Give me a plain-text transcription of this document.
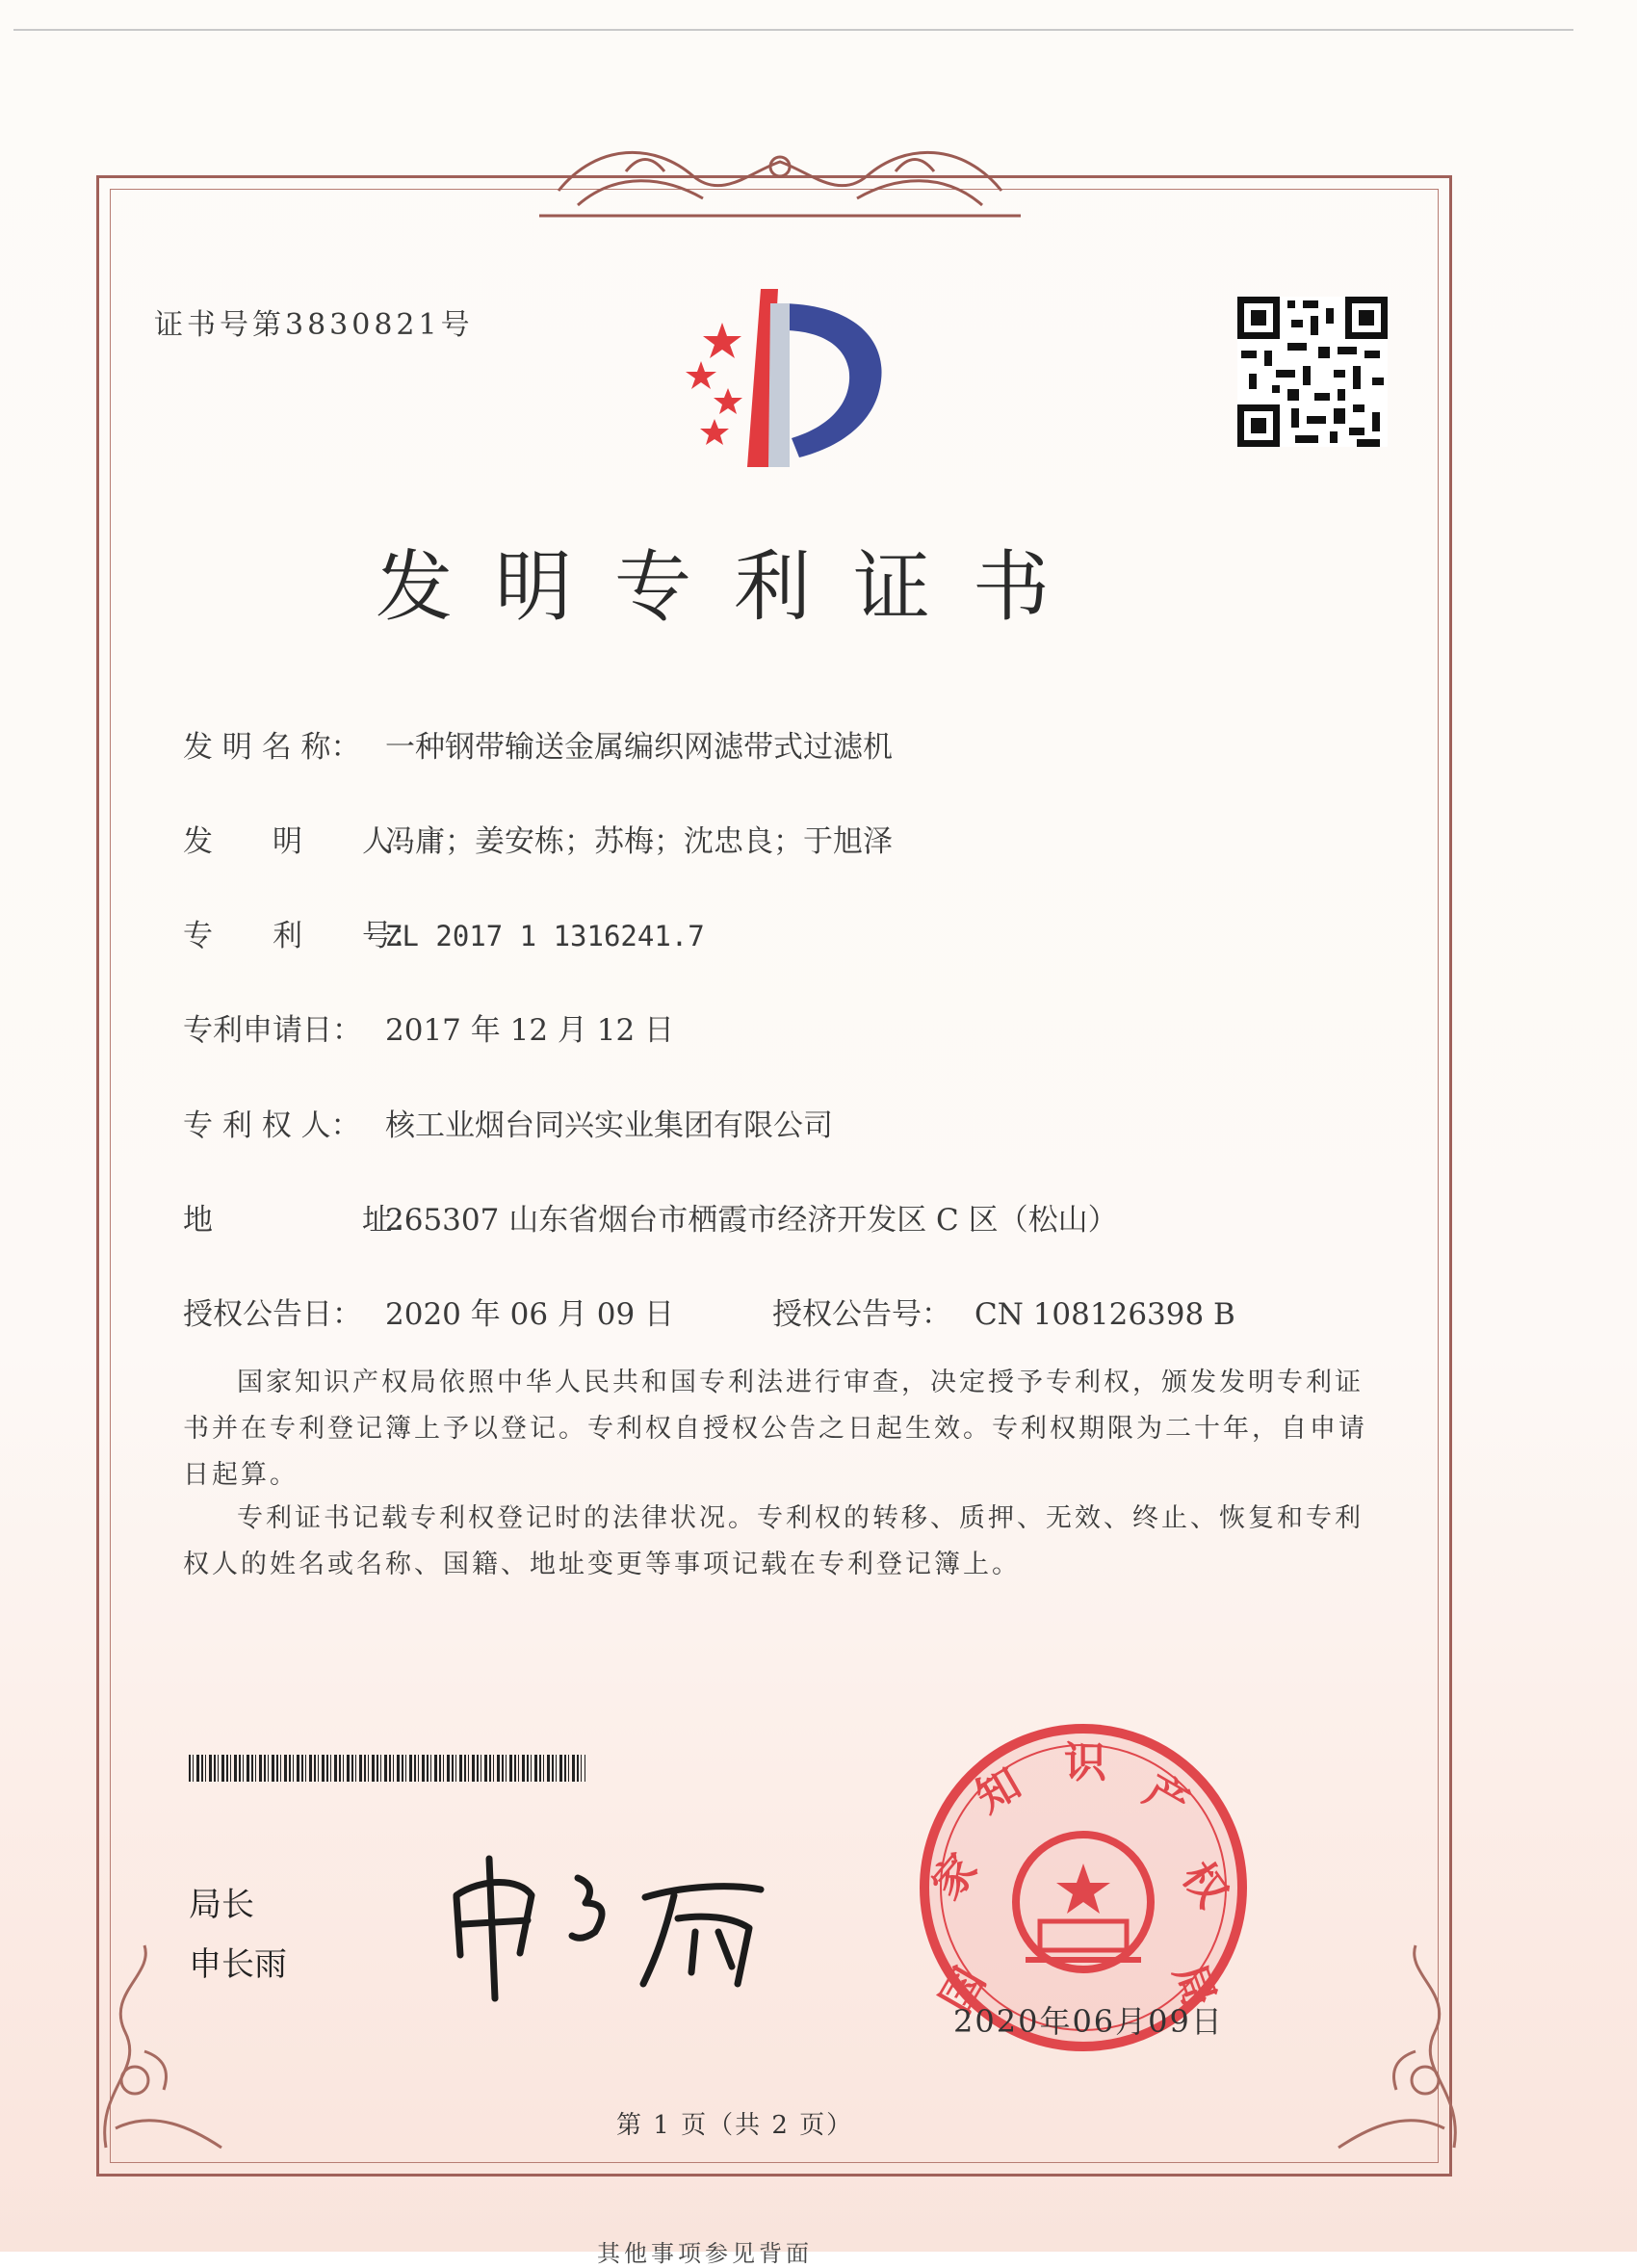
证书号第3830821号
发明专利证书
发 明 名 称： 一种钢带输送金属编织网滤带式过滤机
发　　明　　人：冯庸；姜安栋；苏梅；沈忠良；于旭泽
专　　利　　号：ZL 2017 1 1316241.7
专利申请日： 2017 年 12 月 12 日
专 利 权 人： 核工业烟台同兴实业集团有限公司
地　　　　　址：265307 山东省烟台市栖霞市经济开发区 C 区（松山）
授权公告日： 2020 年 06 月 09 日	授权公告号： CN 108126398 B
国家知识产权局依照中华人民共和国专利法进行审查，决定授予专利权，颁发发明专利证书并在专利登记簿上予以登记。专利权自授权公告之日起生效。专利权期限为二十年，自申请日起算。
专利证书记载专利权登记时的法律状况。专利权的转移、质押、无效、终止、恢复和专利权人的姓名或名称、国籍、地址变更等事项记载在专利登记簿上。
局长
申长雨	国
家
知 识
产
权
局
2020年06月09日
第 1 页（共 2 页）
其他事项参见背面
